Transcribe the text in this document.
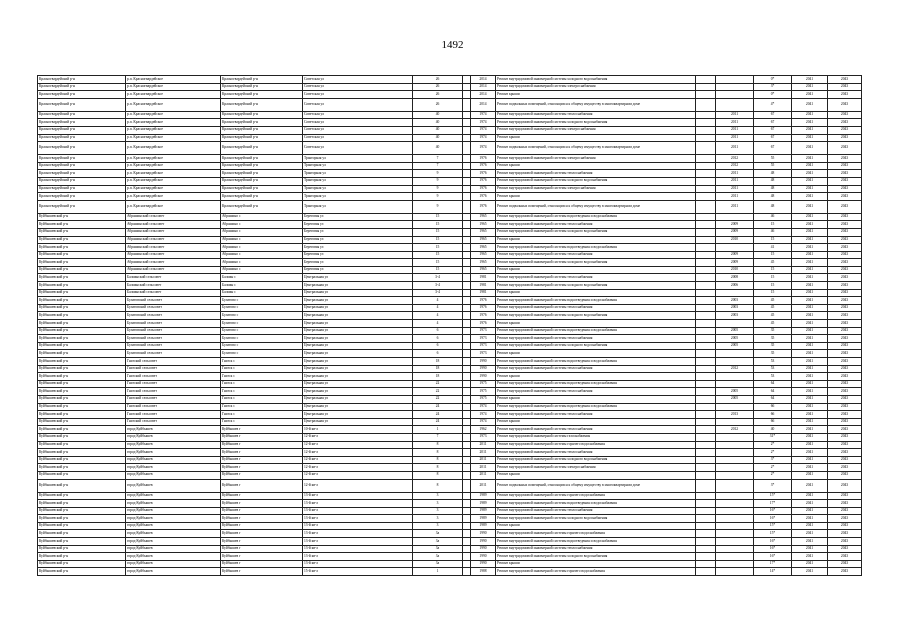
1492
Красногвардейский р-н	р.п. Красногвардейское	Красногвардейский р-н	Советская ул	26		2014	Ремонт внутридомовой инженерной системы холодного водоснабжения			0*	2041	2043
Красногвардейский р-н	р.п. Красногвардейское	Красногвардейский р-н	Советская ул	26		2014	Ремонт внутридомовой инженерной системы электроснабжения			3*	2041	2043
Красногвардейский р-н	р.п. Красногвардейское	Красногвардейский р-н	Советская ул	26		2014	Ремонт крыши			0*	2041	2043
Красногвардейский р-н	р.п. Красногвардейское	Красногвардейский р-н	Советская ул	26		2014	Ремонт подвальных помещений, относящихся к общему имуществу в многоквартирном доме			4*	2041	2043
Красногвардейский р-н	р.п. Красногвардейское	Красногвардейский р-н	Советская ул	40		1974	Ремонт внутридомовой инженерной системы теплоснабжения		2011	67	2041	2043
Красногвардейский р-н	р.п. Красногвардейское	Красногвардейский р-н	Советская ул	40		1974	Ремонт внутридомовой инженерной системы холодного водоснабжения		2011	67	2041	2043
Красногвардейский р-н	р.п. Красногвардейское	Красногвардейский р-н	Советская ул	40		1974	Ремонт внутридомовой инженерной системы электроснабжения		2011	67	2041	2043
Красногвардейский р-н	р.п. Красногвардейское	Красногвардейский р-н	Советская ул	40		1974	Ремонт крыши		2011	67	2041	2043
Красногвардейский р-н	р.п. Красногвардейское	Красногвардейский р-н	Советская ул	40		1974	Ремонт подвальных помещений, относящихся к общему имуществу в многоквартирном доме		2011	67	2041	2043
Красногвардейский р-н	р.п. Красногвардейское	Красногвардейский р-н	Тракторная ул	7		1976	Ремонт внутридомовой инженерной системы электроснабжения		2012	55	2041	2043
Красногвардейский р-н	р.п. Красногвардейское	Красногвардейский р-н	Тракторная ул	7		1976	Ремонт крыши		2012	55	2041	2043
Красногвардейский р-н	р.п. Красногвардейское	Красногвардейский р-н	Тракторная ул	9		1976	Ремонт внутридомовой инженерной системы теплоснабжения		2011	48	2041	2043
Красногвардейский р-н	р.п. Красногвардейское	Красногвардейский р-н	Тракторная ул	9		1976	Ремонт внутридомовой инженерной системы холодного водоснабжения		2011	48	2041	2043
Красногвардейский р-н	р.п. Красногвардейское	Красногвардейский р-н	Тракторная ул	9		1976	Ремонт внутридомовой инженерной системы электроснабжения		2011	48	2041	2043
Красногвардейский р-н	р.п. Красногвардейское	Красногвардейский р-н	Тракторная ул	9		1976	Ремонт крыши		2011	48	2041	2043
Красногвардейский р-н	р.п. Красногвардейское	Красногвардейский р-н	Тракторная ул	9		1976	Ремонт подвальных помещений, относящихся к общему имуществу в многоквартирном доме		2011	48	2041	2043
Куйбышевский р-н	Абрашинский сельсовет	Абрашино с	Береговая ул	15		1965	Ремонт внутридомовой инженерной системы водоотведения и водоснабжения			46	2041	2043
Куйбышевский р-н	Абрашинский сельсовет	Абрашино с	Береговая ул	15		1965	Ремонт внутридомовой инженерной системы теплоснабжения		2009	15	2041	2043
Куйбышевский р-н	Абрашинский сельсовет	Абрашино с	Береговая ул	15		1965	Ремонт внутридомовой инженерной системы холодного водоснабжения		2009	46	2041	2043
Куйбышевский р-н	Абрашинский сельсовет	Абрашино с	Береговая ул	15		1965	Ремонт крыши		2010	15	2041	2043
Куйбышевский р-н	Абрашинский сельсовет	Абрашино с	Береговая ул	15		1965	Ремонт внутридомовой инженерной системы водоотведения и водоснабжения			41	2041	2043
Куйбышевский р-н	Абрашинский сельсовет	Абрашино с	Береговая ул	15		1965	Ремонт внутридомовой инженерной системы теплоснабжения		2009	15	2041	2043
Куйбышевский р-н	Абрашинский сельсовет	Абрашино с	Береговая ул	15		1965	Ремонт внутридомовой инженерной системы холодного водоснабжения		2009	45	2041	2043
Куйбышевский р-н	Абрашинский сельсовет	Абрашино с	Береговая ул	15		1965	Ремонт крыши		2010	15	2041	2043
Куйбышевский р-н	Балманский сельсовет	Балман с	Центральная ул	3-4		1981	Ремонт внутридомовой инженерной системы теплоснабжения		2008	15	2041	2043
Куйбышевский р-н	Балманский сельсовет	Балман с	Центральная ул	3-4		1981	Ремонт внутридомовой инженерной системы холодного водоснабжения		2006	15	2041	2043
Куйбышевский р-н	Балманский сельсовет	Балман с	Центральная ул	3-4		1981	Ремонт крыши			15	2041	2043
Куйбышевский р-н	Булатовский сельсовет	Булатово с	Центральная ул	4		1976	Ремонт внутридомовой инженерной системы водоотведения и водоснабжения		2003	45	2041	2043
Куйбышевский р-н	Булатовский сельсовет	Булатово с	Центральная ул	4		1976	Ремонт внутридомовой инженерной системы теплоснабжения		2003	45	2041	2043
Куйбышевский р-н	Булатовский сельсовет	Булатово с	Центральная ул	4		1976	Ремонт внутридомовой инженерной системы холодного водоснабжения		2003	45	2041	2043
Куйбышевский р-н	Булатовский сельсовет	Булатово с	Центральная ул	4		1976	Ремонт крыши			45	2041	2043
Куйбышевский р-н	Булатовский сельсовет	Булатово с	Центральная ул	6		1973	Ремонт внутридомовой инженерной системы водоотведения и водоснабжения		2005	35	2041	2043
Куйбышевский р-н	Булатовский сельсовет	Булатово с	Центральная ул	6		1973	Ремонт внутридомовой инженерной системы теплоснабжения		2005	35	2041	2043
Куйбышевский р-н	Булатовский сельсовет	Булатово с	Центральная ул	6		1973	Ремонт внутридомовой инженерной системы холодного водоснабжения		2005	35	2041	2043
Куйбышевский р-н	Булатовский сельсовет	Булатово с	Центральная ул	6		1973	Ремонт крыши			35	2041	2043
Куйбышевский р-н	Гнатский сельсовет	Гнатск с	Центральная ул	18		1990	Ремонт внутридомовой инженерной системы водоотведения и водоснабжения			53	2041	2043
Куйбышевский р-н	Гнатский сельсовет	Гнатск с	Центральная ул	18		1990	Ремонт внутридомовой инженерной системы теплоснабжения		2012	53	2041	2043
Куйбышевский р-н	Гнатский сельсовет	Гнатск с	Центральная ул	18		1990	Ремонт крыши			53	2041	2043
Куйбышевский р-н	Гнатский сельсовет	Гнатск с	Центральная ул	22		1975	Ремонт внутридомовой инженерной системы водоотведения и водоснабжения			64	2041	2043
Куйбышевский р-н	Гнатский сельсовет	Гнатск с	Центральная ул	22		1975	Ремонт внутридомовой инженерной системы теплоснабжения		2005	64	2041	2043
Куйбышевский р-н	Гнатский сельсовет	Гнатск с	Центральная ул	22		1975	Ремонт крыши		2005	64	2041	2043
Куйбышевский р-н	Гнатский сельсовет	Гнатск с	Центральная ул	24		1974	Ремонт внутридомовой инженерной системы водоотведения и водоснабжения			66	2041	2043
Куйбышевский р-н	Гнатский сельсовет	Гнатск с	Центральная ул	24		1974	Ремонт внутридомовой инженерной системы теплоснабжения		2013	66	2041	2043
Куйбышевский р-н	Гнатский сельсовет	Гнатск с	Центральная ул	24		1974	Ремонт крыши			66	2041	2043
Куйбышевский р-н	город Куйбышев	Куйбышев г	10-й кв-л	1		1962	Ремонт внутридомовой инженерной системы теплоснабжения		2012	40	2041	2043
Куйбышевский р-н	город Куйбышев	Куйбышев г	12-й кв-л	7		1973	Ремонт внутридомовой инженерной системы газоснабжения			31*	2041	2043
Куйбышевский р-н	город Куйбышев	Куйбышев г	12-й кв-л	8		2011	Ремонт внутридомовой инженерной системы горячего водоснабжения			2*	2041	2043
Куйбышевский р-н	город Куйбышев	Куйбышев г	12-й кв-л	8		2011	Ремонт внутридомовой инженерной системы теплоснабжения			2*	2041	2043
Куйбышевский р-н	город Куйбышев	Куйбышев г	12-й кв-л	8		2011	Ремонт внутридомовой инженерной системы холодного водоснабжения			3*	2041	2043
Куйбышевский р-н	город Куйбышев	Куйбышев г	12-й кв-л	8		2011	Ремонт внутридомовой инженерной системы электроснабжения			2*	2041	2043
Куйбышевский р-н	город Куйбышев	Куйбышев г	12-й кв-л	8		2011	Ремонт крыши			2*	2041	2043
Куйбышевский р-н	город Куйбышев	Куйбышев г	12-й кв-л	8		2011	Ремонт подвальных помещений, относящихся к общему имуществу в многоквартирном доме			3*	2041	2043
Куйбышевский р-н	город Куйбышев	Куйбышев г	13-й кв-л	3		1989	Ремонт внутридомовой инженерной системы горячего водоснабжения			15*	2041	2043
Куйбышевский р-н	город Куйбышев	Куйбышев г	13-й кв-л	3		1989	Ремонт внутридомовой инженерной системы водоотведения и водоснабжения			17*	2041	2043
Куйбышевский р-н	город Куйбышев	Куйбышев г	13-й кв-л	3		1989	Ремонт внутридомовой инженерной системы теплоснабжения			16*	2041	2043
Куйбышевский р-н	город Куйбышев	Куйбышев г	13-й кв-л	3		1989	Ремонт внутридомовой инженерной системы холодного водоснабжения			16*	2041	2043
Куйбышевский р-н	город Куйбышев	Куйбышев г	13-й кв-л	3		1989	Ремонт крыши			15*	2041	2043
Куйбышевский р-н	город Куйбышев	Куйбышев г	13-й кв-л	3а		1990	Ремонт внутридомовой инженерной системы горячего водоснабжения			15*	2041	2043
Куйбышевский р-н	город Куйбышев	Куйбышев г	13-й кв-л	3а		1990	Ремонт внутридомовой инженерной системы водоотведения и водоснабжения			16*	2041	2043
Куйбышевский р-н	город Куйбышев	Куйбышев г	13-й кв-л	3а		1990	Ремонт внутридомовой инженерной системы теплоснабжения			16*	2041	2043
Куйбышевский р-н	город Куйбышев	Куйбышев г	13-й кв-л	3а		1990	Ремонт внутридомовой инженерной системы холодного водоснабжения			16*	2041	2043
Куйбышевский р-н	город Куйбышев	Куйбышев г	13-й кв-л	3а		1990	Ремонт крыши			17*	2041	2043
Куйбышевский р-н	город Куйбышев	Куйбышев г	15-й кв-л	1		1988	Ремонт внутридомовой инженерной системы горячего водоснабжения			14*	2041	2043
